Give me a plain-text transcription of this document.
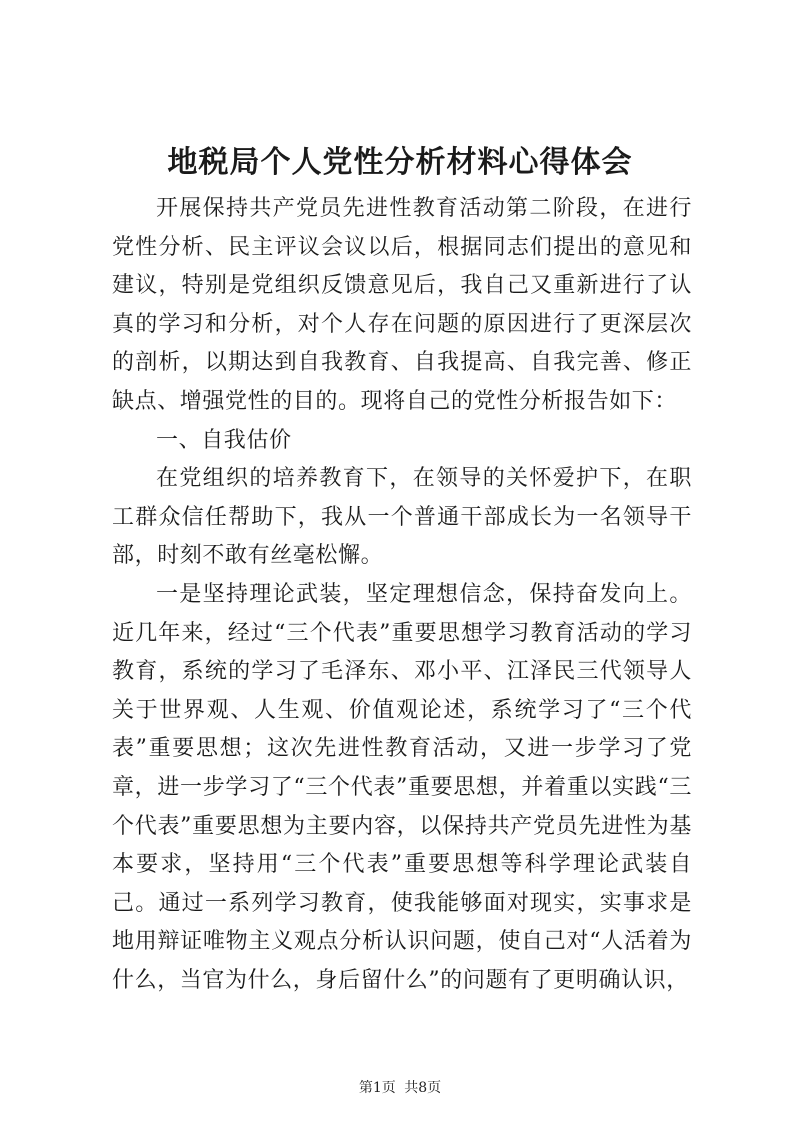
地税局个人党性分析材料心得体会

开展保持共产党员先进性教育活动第二阶段，在进行党性分析、民主评议会议以后，根据同志们提出的意见和建议，特别是党组织反馈意见后，我自己又重新进行了认真的学习和分析，对个人存在问题的原因进行了更深层次的剖析，以期达到自我教育、自我提高、自我完善、修正缺点、增强党性的目的。现将自己的党性分析报告如下：

一、自我估价

在党组织的培养教育下，在领导的关怀爱护下，在职工群众信任帮助下，我从一个普通干部成长为一名领导干部，时刻不敢有丝毫松懈。

一是坚持理论武装，坚定理想信念，保持奋发向上。近几年来，经过“三个代表”重要思想学习教育活动的学习教育，系统的学习了毛泽东、邓小平、江泽民三代领导人关于世界观、人生观、价值观论述，系统学习了“三个代表”重要思想；这次先进性教育活动，又进一步学习了党章，进一步学习了“三个代表”重要思想，并着重以实践“三个代表”重要思想为主要内容，以保持共产党员先进性为基本要求，坚持用“三个代表”重要思想等科学理论武装自己。通过一系列学习教育，使我能够面对现实，实事求是地用辩证唯物主义观点分析认识问题，使自己对“人活着为什么，当官为什么，身后留什么”的问题有了更明确认识，

第1页 共8页
